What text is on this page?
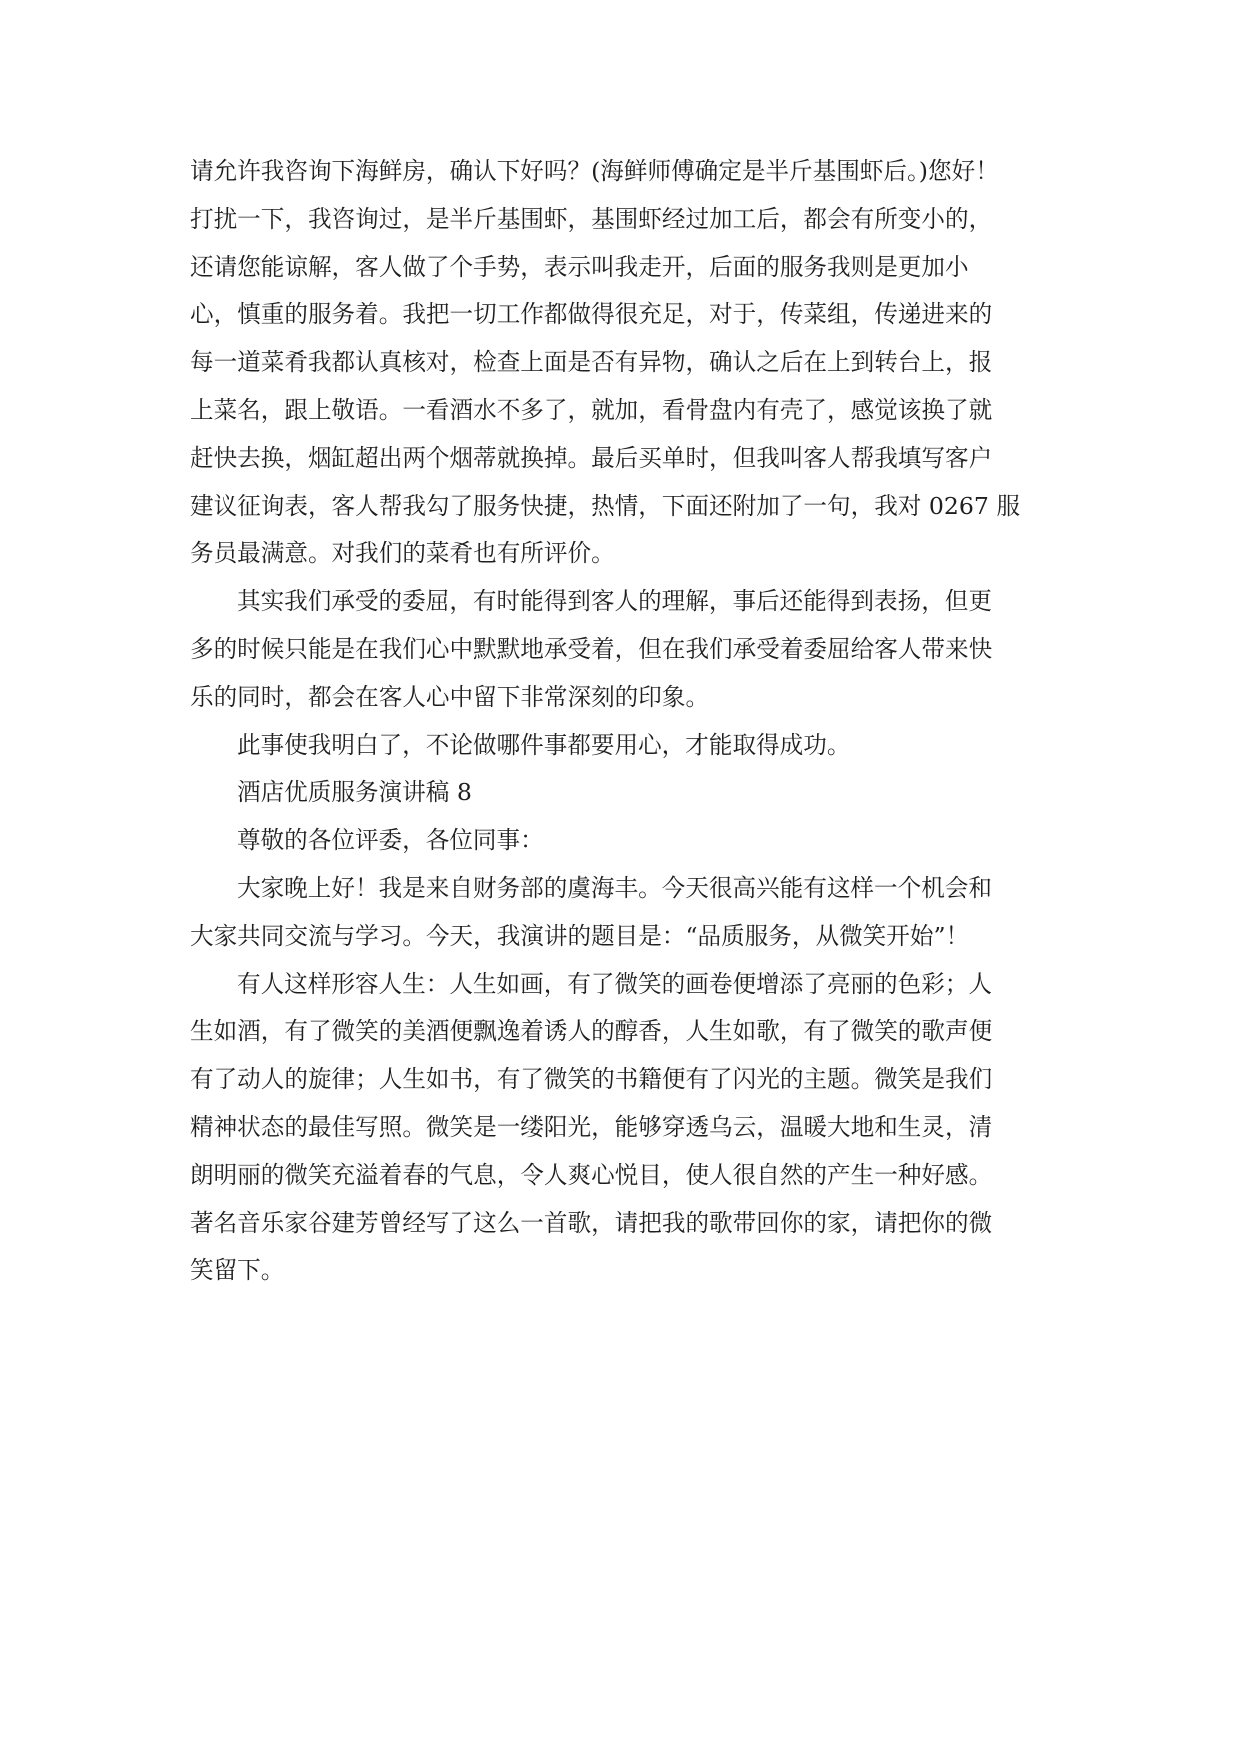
请允许我咨询下海鲜房，确认下好吗？(海鲜师傅确定是半斤基围虾后。)您好！
打扰一下，我咨询过，是半斤基围虾，基围虾经过加工后，都会有所变小的，
还请您能谅解，客人做了个手势，表示叫我走开，后面的服务我则是更加小
心，慎重的服务着。我把一切工作都做得很充足，对于，传菜组，传递进来的
每一道菜肴我都认真核对，检查上面是否有异物，确认之后在上到转台上，报
上菜名，跟上敬语。一看酒水不多了，就加，看骨盘内有壳了，感觉该换了就
赶快去换，烟缸超出两个烟蒂就换掉。最后买单时，但我叫客人帮我填写客户
建议征询表，客人帮我勾了服务快捷，热情，下面还附加了一句，我对 0267 服
务员最满意。对我们的菜肴也有所评价。

其实我们承受的委屈，有时能得到客人的理解，事后还能得到表扬，但更
多的时候只能是在我们心中默默地承受着，但在我们承受着委屈给客人带来快
乐的同时，都会在客人心中留下非常深刻的印象。

此事使我明白了，不论做哪件事都要用心，才能取得成功。

酒店优质服务演讲稿 8

尊敬的各位评委，各位同事：

大家晚上好！我是来自财务部的虞海丰。今天很高兴能有这样一个机会和
大家共同交流与学习。今天，我演讲的题目是：“品质服务，从微笑开始”！

有人这样形容人生：人生如画，有了微笑的画卷便增添了亮丽的色彩；人
生如酒，有了微笑的美酒便飘逸着诱人的醇香，人生如歌，有了微笑的歌声便
有了动人的旋律；人生如书，有了微笑的书籍便有了闪光的主题。微笑是我们
精神状态的最佳写照。微笑是一缕阳光，能够穿透乌云，温暖大地和生灵，清
朗明丽的微笑充溢着春的气息，令人爽心悦目，使人很自然的产生一种好感。
著名音乐家谷建芳曾经写了这么一首歌，请把我的歌带回你的家，请把你的微
笑留下。
